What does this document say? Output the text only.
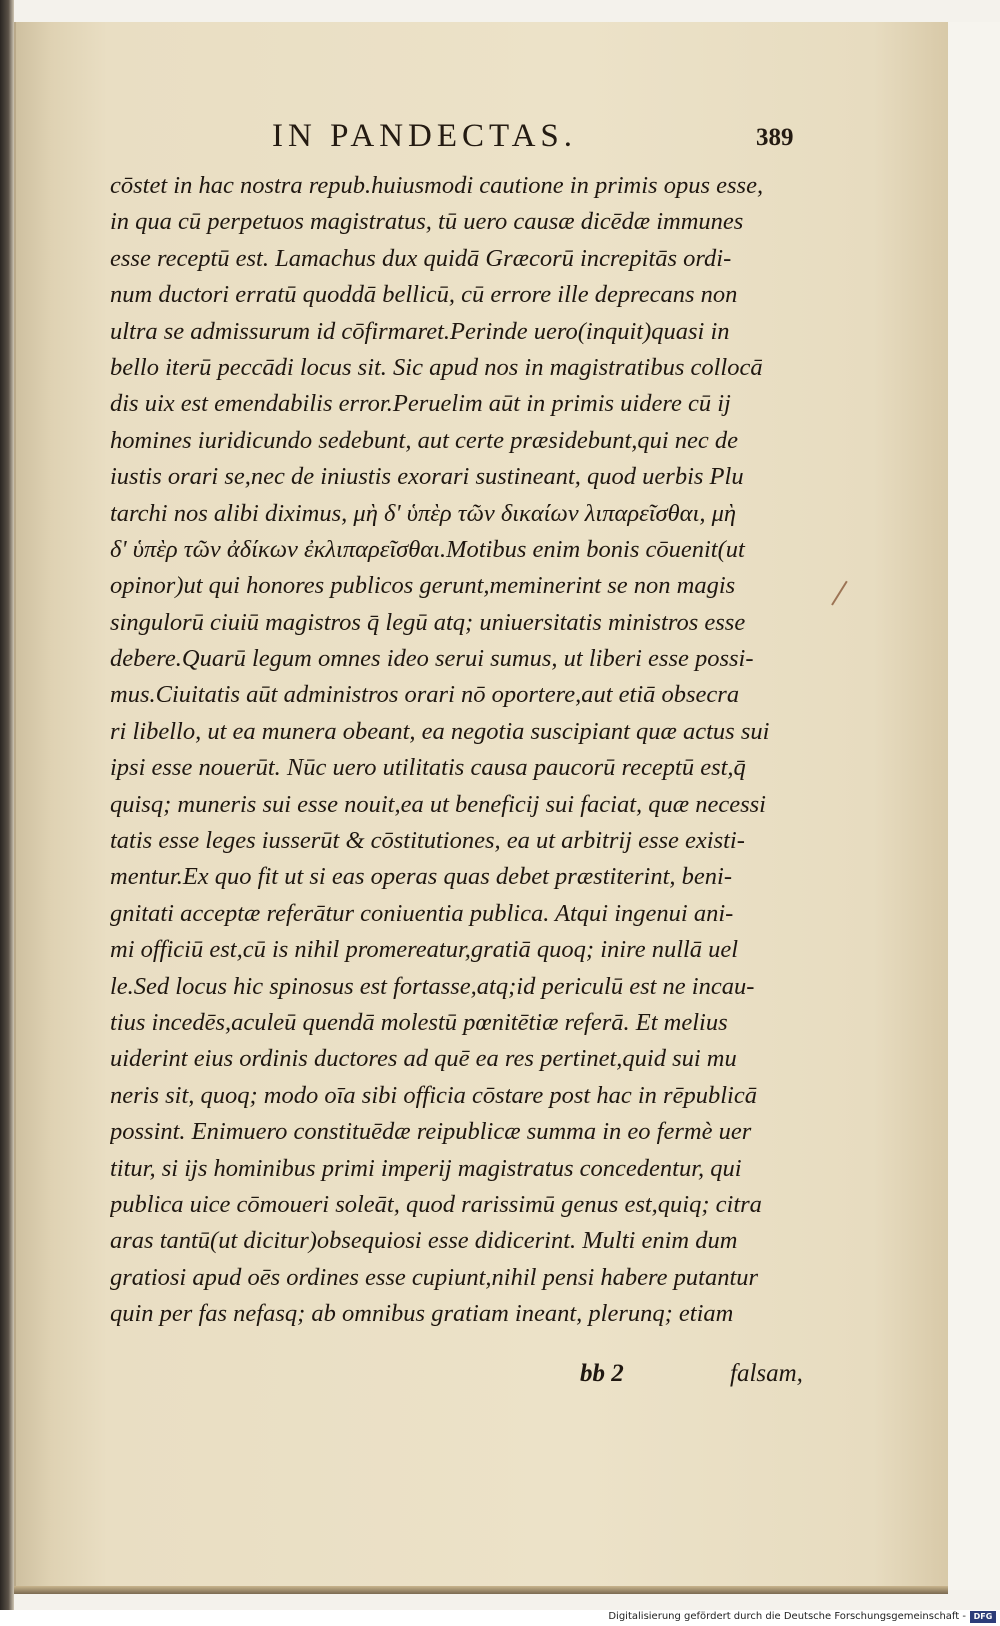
IN PANDECTAS.	389
cōstet in hac nostra repub.huiusmodi cautione in primis opus esse,
in qua cū perpetuos magistratus, tū uero causæ dicēdæ immunes
esse receptū est. Lamachus dux quidā Græcorū increpitās ordi-
num ductori erratū quoddā bellicū, cū errore ille deprecans non
ultra se admissurum id cōfirmaret.Perinde uero(inquit)quasi in
bello iterū peccādi locus sit. Sic apud nos in magistratibus collocā
dis uix est emendabilis error.Peruelim aūt in primis uidere cū ij
homines iuridicundo sedebunt, aut certe præsidebunt,qui nec de
iustis orari se,nec de iniustis exorari sustineant, quod uerbis Plu
tarchi nos alibi diximus, μὴ δ' ὑπὲρ τῶν δικαίων λιπαρεῖσθαι, μὴ
δ' ὑπὲρ τῶν ἀδίκων ἐκλιπαρεῖσθαι.Motibus enim bonis cōuenit(ut
opinor)ut qui honores publicos gerunt,meminerint se non magis
singulorū ciuiū magistros q̄ legū atq; uniuersitatis ministros esse
debere.Quarū legum omnes ideo serui sumus, ut liberi esse possi-
mus.Ciuitatis aūt administros orari nō oportere,aut etiā obsecra
ri libello, ut ea munera obeant, ea negotia suscipiant quæ actus sui
ipsi esse nouerūt. Nūc uero utilitatis causa paucorū receptū est,q̄
quisq; muneris sui esse nouit,ea ut beneficij sui faciat, quæ necessi
tatis esse leges iusserūt & cōstitutiones, ea ut arbitrij esse existi-
mentur.Ex quo fit ut si eas operas quas debet præstiterint, beni-
gnitati acceptæ referātur coniuentia publica. Atqui ingenui ani-
mi officiū est,cū is nihil promereatur,gratiā quoq; inire nullā uel
le.Sed locus hic spinosus est fortasse,atq;id periculū est ne incau-
tius incedēs,aculeū quendā molestū pœnitētiæ referā. Et melius
uiderint eius ordinis ductores ad quē ea res pertinet,quid sui mu
neris sit, quoq; modo oīa sibi officia cōstare post hac in rēpublicā
possint. Enimuero constituēdæ reipublicæ summa in eo fermè uer
titur, si ijs hominibus primi imperij magistratus concedentur, qui
publica uice cōmoueri soleāt, quod rarissimū genus est,quiq; citra
aras tantū(ut dicitur)obsequiosi esse didicerint. Multi enim dum
gratiosi apud oēs ordines esse cupiunt,nihil pensi habere putantur
quin per fas nefasq; ab omnibus gratiam ineant, plerunq; etiam
bb 2	falsam,
Digitalisierung gefördert durch die Deutsche Forschungsgemeinschaft - DFG
